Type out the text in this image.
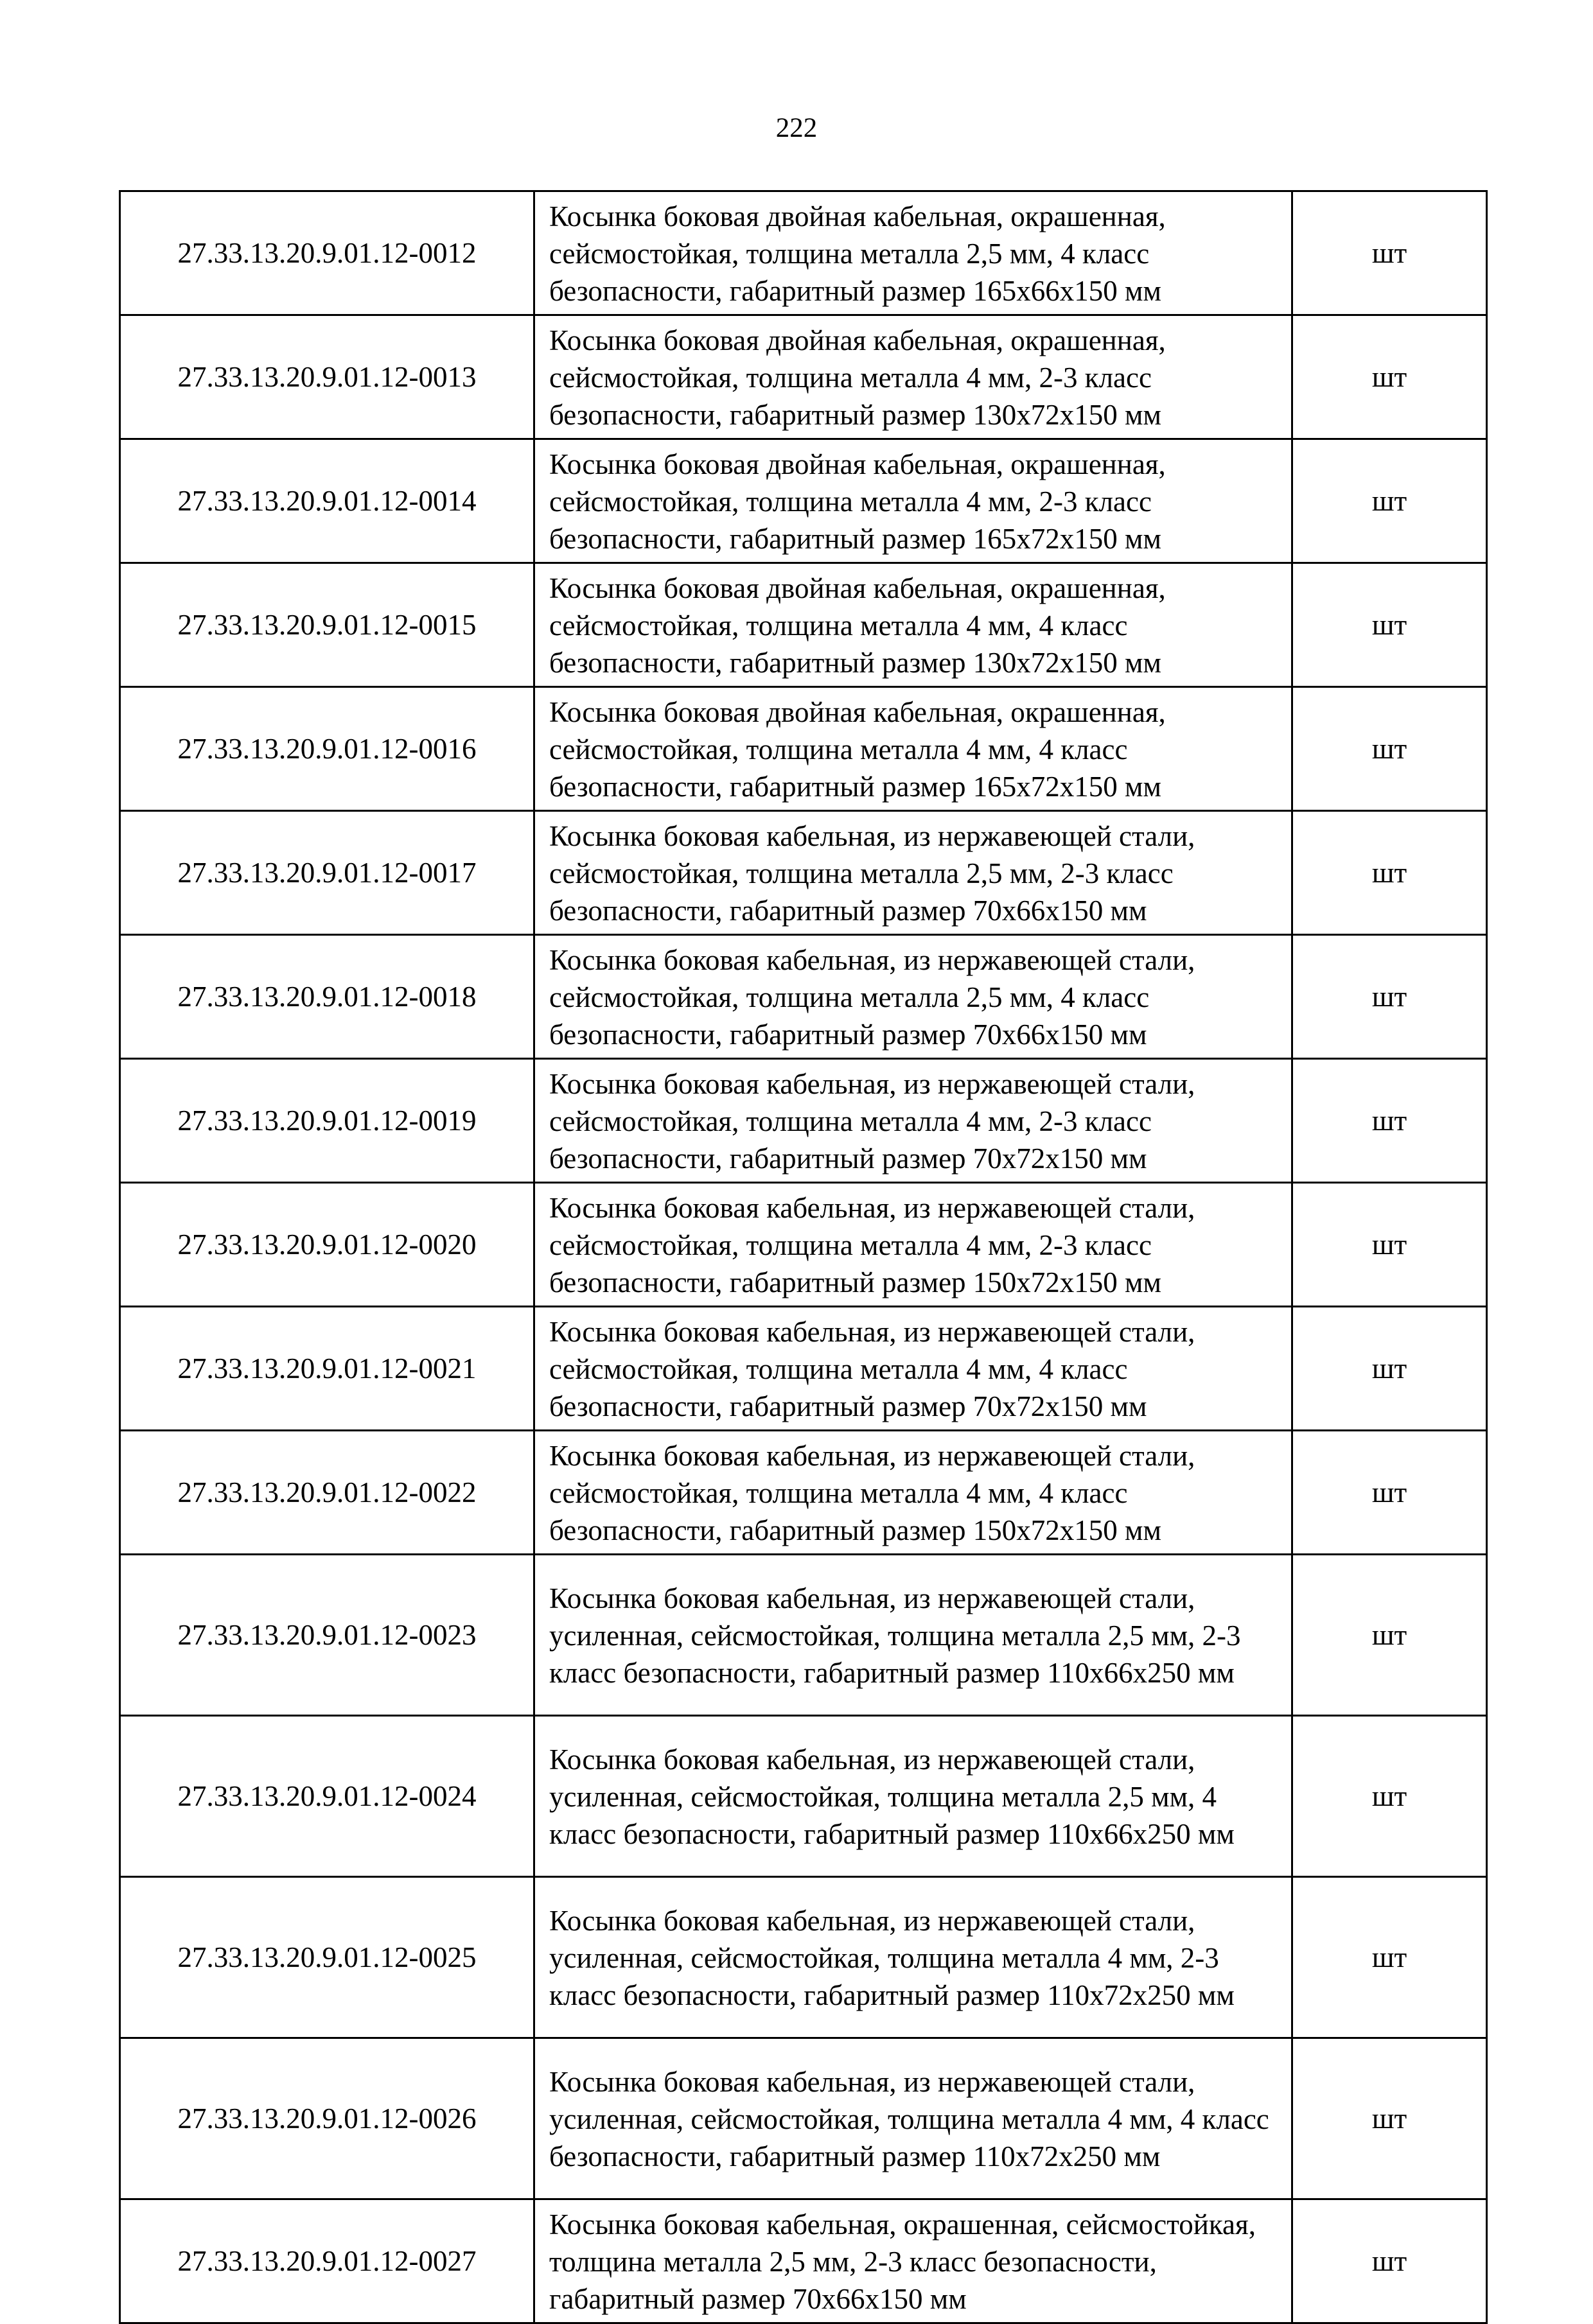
222
27.33.13.20.9.01.12-0012	Косынка боковая двойная кабельная, окрашенная, сейсмостойкая, толщина металла 2,5 мм, 4 класс безопасности, габаритный размер 165х66х150 мм	шт
27.33.13.20.9.01.12-0013	Косынка боковая двойная кабельная, окрашенная, сейсмостойкая, толщина металла 4 мм, 2-3 класс безопасности, габаритный размер 130х72х150 мм	шт
27.33.13.20.9.01.12-0014	Косынка боковая двойная кабельная, окрашенная, сейсмостойкая, толщина металла 4 мм, 2-3 класс безопасности, габаритный размер 165х72х150 мм	шт
27.33.13.20.9.01.12-0015	Косынка боковая двойная кабельная, окрашенная, сейсмостойкая, толщина металла 4 мм, 4 класс безопасности, габаритный размер 130х72х150 мм	шт
27.33.13.20.9.01.12-0016	Косынка боковая двойная кабельная, окрашенная, сейсмостойкая, толщина металла 4 мм, 4 класс безопасности, габаритный размер 165х72х150 мм	шт
27.33.13.20.9.01.12-0017	Косынка боковая кабельная, из нержавеющей стали, сейсмостойкая, толщина металла 2,5 мм, 2-3 класс безопасности, габаритный размер 70х66х150 мм	шт
27.33.13.20.9.01.12-0018	Косынка боковая кабельная, из нержавеющей стали, сейсмостойкая, толщина металла 2,5 мм, 4 класс безопасности, габаритный размер 70х66х150 мм	шт
27.33.13.20.9.01.12-0019	Косынка боковая кабельная, из нержавеющей стали, сейсмостойкая, толщина металла 4 мм, 2-3 класс безопасности, габаритный размер 70х72х150 мм	шт
27.33.13.20.9.01.12-0020	Косынка боковая кабельная, из нержавеющей стали, сейсмостойкая, толщина металла 4 мм, 2-3 класс безопасности, габаритный размер 150х72х150 мм	шт
27.33.13.20.9.01.12-0021	Косынка боковая кабельная, из нержавеющей стали, сейсмостойкая, толщина металла 4 мм, 4 класс безопасности, габаритный размер 70х72х150 мм	шт
27.33.13.20.9.01.12-0022	Косынка боковая кабельная, из нержавеющей стали, сейсмостойкая, толщина металла 4 мм, 4 класс безопасности, габаритный размер 150х72х150 мм	шт
27.33.13.20.9.01.12-0023	Косынка боковая кабельная, из нержавеющей стали, усиленная, сейсмостойкая, толщина металла 2,5 мм, 2-3 класс безопасности, габаритный размер 110х66х250 мм	шт
27.33.13.20.9.01.12-0024	Косынка боковая кабельная, из нержавеющей стали, усиленная, сейсмостойкая, толщина металла 2,5 мм, 4 класс безопасности, габаритный размер 110х66х250 мм	шт
27.33.13.20.9.01.12-0025	Косынка боковая кабельная, из нержавеющей стали, усиленная, сейсмостойкая, толщина металла 4 мм, 2-3 класс безопасности, габаритный размер 110х72х250 мм	шт
27.33.13.20.9.01.12-0026	Косынка боковая кабельная, из нержавеющей стали, усиленная, сейсмостойкая, толщина металла 4 мм, 4 класс безопасности, габаритный размер 110х72х250 мм	шт
27.33.13.20.9.01.12-0027	Косынка боковая кабельная, окрашенная, сейсмостойкая, толщина металла 2,5 мм, 2-3 класс безопасности, габаритный размер 70х66х150 мм	шт
